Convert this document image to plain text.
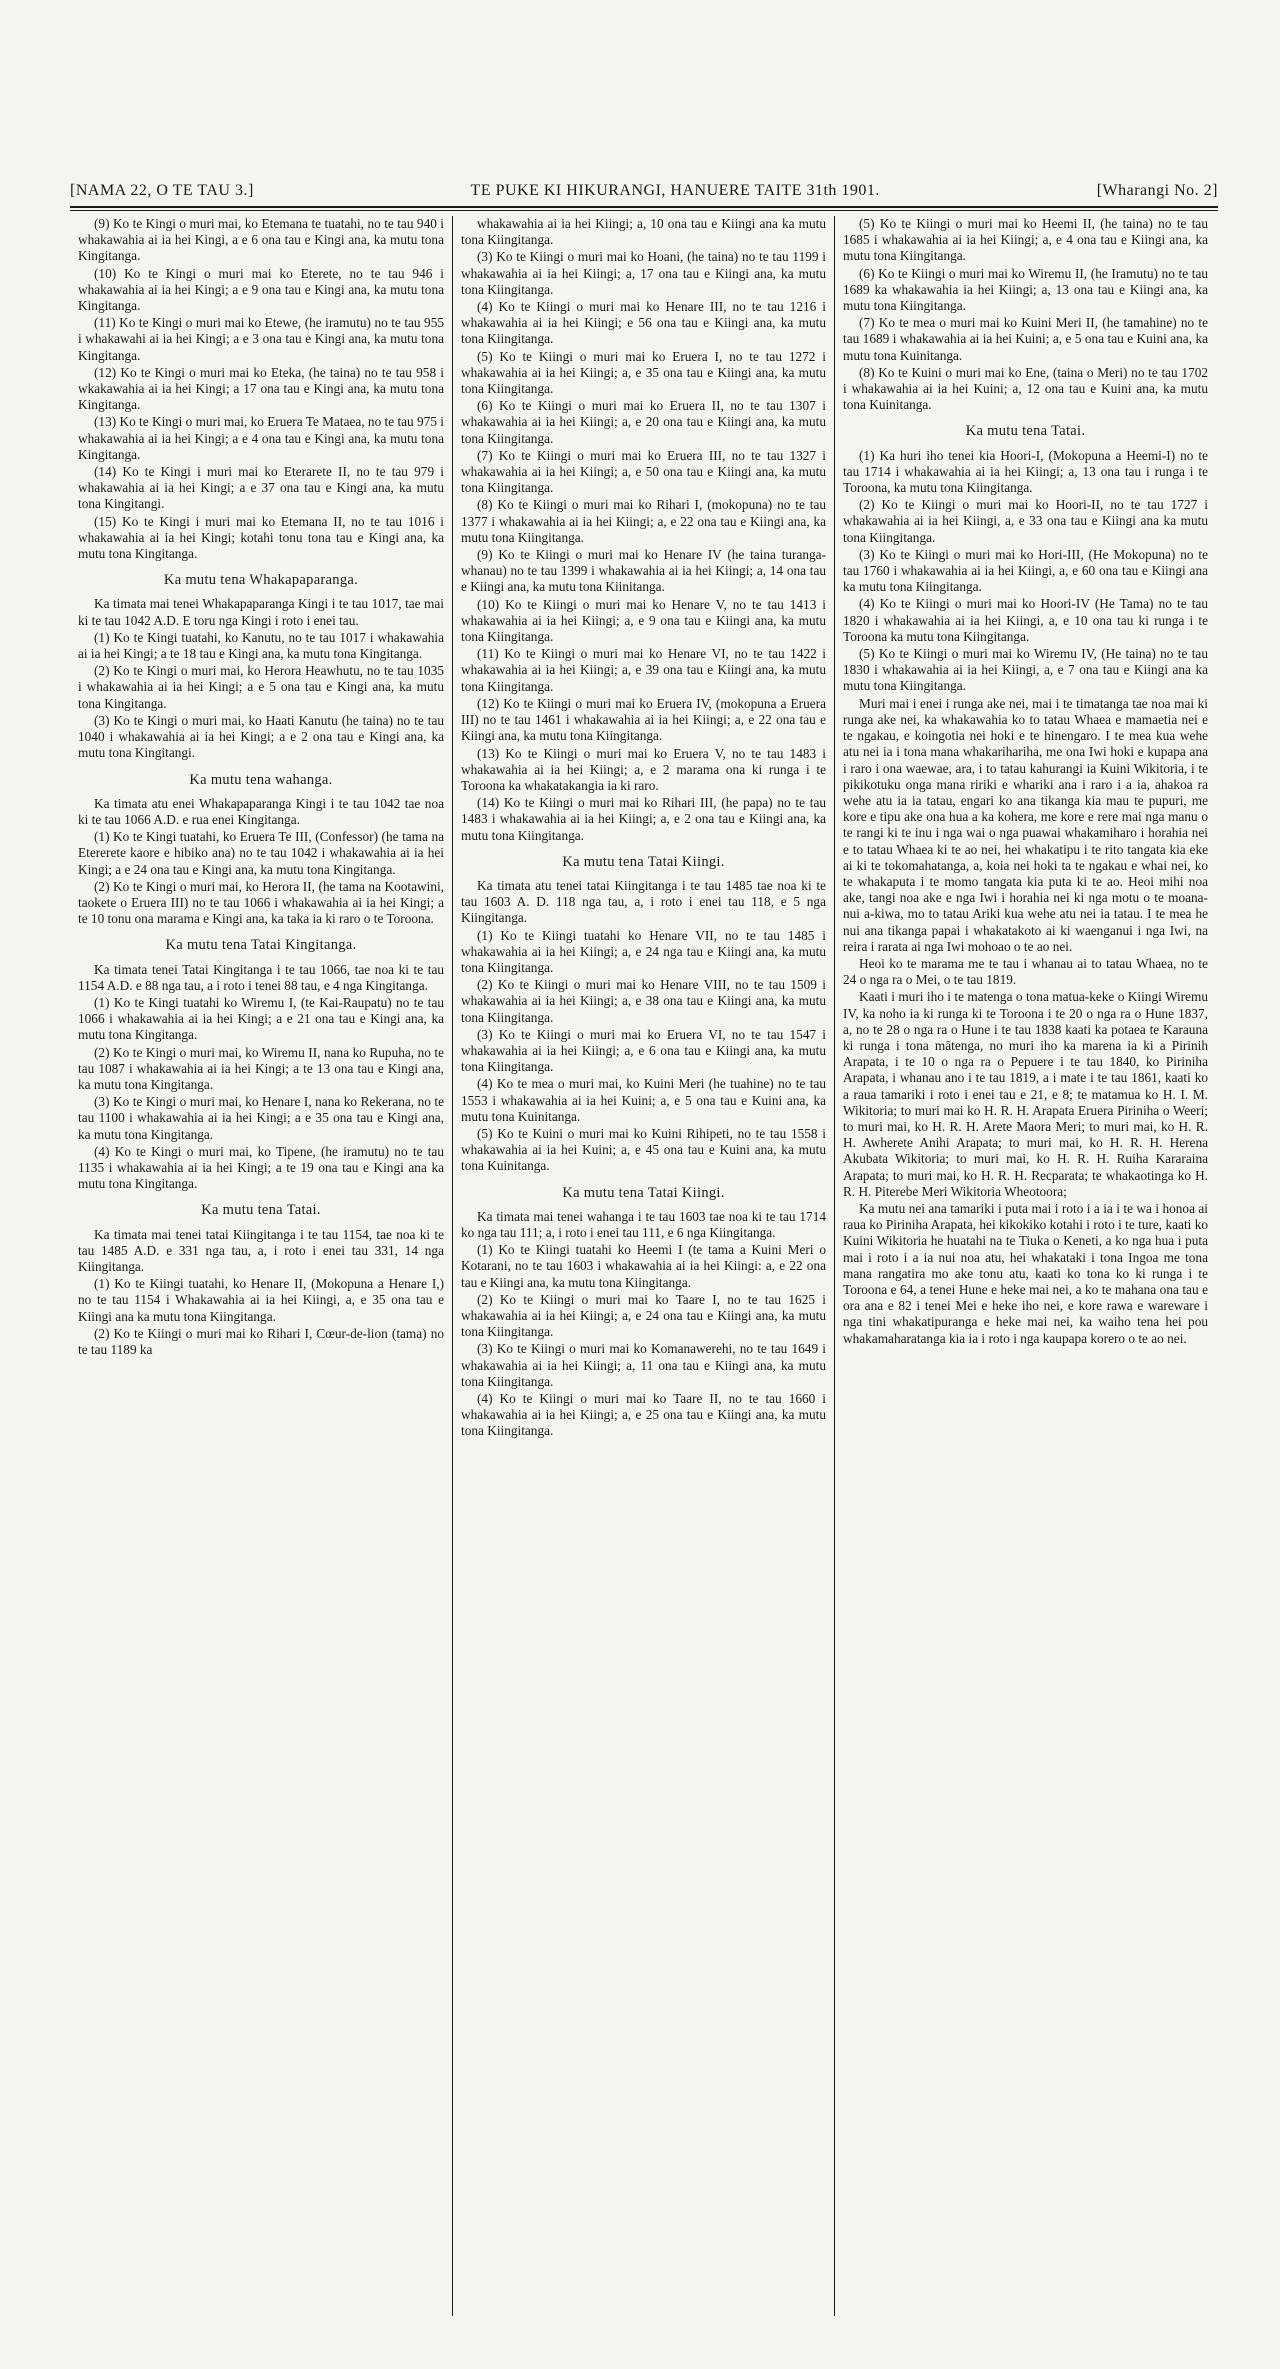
[NAMA 22, O TE TAU 3.]	TE PUKE KI HIKURANGI, HANUERE TAITE 31th 1901.	[Wharangi No. 2]

(9) Ko te Kingi o muri mai, ko Etemana te tuatahi, no te tau 940 i whakawahia ai ia hei Kingi, a e 6 ona tau e Kingi ana, ka mutu tona Kingitanga.

(10) Ko te Kingi o muri mai ko Eterete, no te tau 946 i whakawahia ai ia hei Kingi; a e 9 ona tau e Kingi ana, ka mutu tona Kingitanga.

(11) Ko te Kingi o muri mai ko Etewe, (he iramutu) no te tau 955 i whakawahi ai ia hei Kingi; a e 3 ona tau e Kingi ana, ka mutu tona Kingitanga.

(12) Ko te Kingi o muri mai ko Eteka, (he taina) no te tau 958 i wkakawahia ai ia hei Kingi; a 17 ona tau e Kingi ana, ka mutu tona Kingitanga.

(13) Ko te Kingi o muri mai, ko Eruera Te Mataea, no te tau 975 i whakawahia ai ia hei Kingi; a e 4 ona tau e Kingi ana, ka mutu tona Kingitanga.

(14) Ko te Kingi i muri mai ko Eterarete II, no te tau 979 i whakawahia ai ia hei Kingi; a e 37 ona tau e Kingi ana, ka mutu tona Kingitangi.

(15) Ko te Kingi i muri mai ko Etemana II, no te tau 1016 i whakawahia ai ia hei Kingi; kotahi tonu tona tau e Kingi ana, ka mutu tona Kingitanga.

Ka mutu tena Whakapaparanga.

Ka timata mai tenei Whakapaparanga Kingi i te tau 1017, tae mai ki te tau 1042 A.D. E toru nga Kingi i roto i enei tau.

(1) Ko te Kingi tuatahi, ko Kanutu, no te tau 1017 i whakawahia ai ia hei Kingi; a te 18 tau e Kingi ana, ka mutu tona Kingitanga.

(2) Ko te Kingi o muri mai, ko Herora Heawhutu, no te tau 1035 i whakawahia ai ia hei Kingi; a e 5 ona tau e Kingi ana, ka mutu tona Kingitanga.

(3) Ko te Kingi o muri mai, ko Haati Kanutu (he taina) no te tau 1040 i whakawahia ai ia hei Kingi; a e 2 ona tau e Kingi ana, ka mutu tona Kingitangi.

Ka mutu tena wahanga.

Ka timata atu enei Whakapaparanga Kingi i te tau 1042 tae noa ki te tau 1066 A.D. e rua enei Kingitanga.

(1) Ko te Kingi tuatahi, ko Eruera Te III, (Confessor) (he tama na Etererete kaore e hibiko ana) no te tau 1042 i whakawahia ai ia hei Kingi; a e 24 ona tau e Kingi ana, ka mutu tona Kingitanga.

(2) Ko te Kingi o muri mai, ko Herora II, (he tama na Kootawini, taokete o Eruera III) no te tau 1066 i whakawahia ai ia hei Kingi; a te 10 tonu ona marama e Kingi ana, ka taka ia ki raro o te Toroona.

Ka mutu tena Tatai Kingitanga.

Ka timata tenei Tatai Kingitanga i te tau 1066, tae noa ki te tau 1154 A.D. e 88 nga tau, a i roto i tenei 88 tau, e 4 nga Kingitanga.

(1) Ko te Kingi tuatahi ko Wiremu I, (te Kai-Raupatu) no te tau 1066 i whakawahia ai ia hei Kingi; a e 21 ona tau e Kingi ana, ka mutu tona Kingitanga.

(2) Ko te Kingi o muri mai, ko Wiremu II, nana ko Rupuha, no te tau 1087 i whakawahia ai ia hei Kingi; a te 13 ona tau e Kingi ana, ka mutu tona Kingitanga.

(3) Ko te Kingi o muri mai, ko Henare I, nana ko Rekerana, no te tau 1100 i whakawahia ai ia hei Kingi; a e 35 ona tau e Kingi ana, ka mutu tona Kingitanga.

(4) Ko te Kingi o muri mai, ko Tipene, (he iramutu) no te tau 1135 i whakawahia ai ia hei Kingi; a te 19 ona tau e Kingi ana ka mutu tona Kingitanga.

Ka mutu tena Tatai.

Ka timata mai tenei tatai Kiingitanga i te tau 1154, tae noa ki te tau 1485 A.D. e 331 nga tau, a, i roto i enei tau 331, 14 nga Kiingitanga.

(1) Ko te Kiingi tuatahi, ko Henare II, (Mokopuna a Henare I,) no te tau 1154 i Whakawahia ai ia hei Kiingi, a, e 35 ona tau e Kiingi ana ka mutu tona Kiingitanga.

(2) Ko te Kiingi o muri mai ko Rihari I, Cœur-de-lion (tama) no te tau 1189 ka

whakawahia ai ia hei Kiingi; a, 10 ona tau e Kiingi ana ka mutu tona Kiingitanga.

(3) Ko te Kiingi o muri mai ko Hoani, (he taina) no te tau 1199 i whakawahia ai ia hei Kiingi; a, 17 ona tau e Kiingi ana, ka mutu tona Kiingitanga.

(4) Ko te Kiingi o muri mai ko Henare III, no te tau 1216 i whakawahia ai ia hei Kiingi; e 56 ona tau e Kiingi ana, ka mutu tona Kiingitanga.

(5) Ko te Kiingi o muri mai ko Eruera I, no te tau 1272 i whakawahia ai ia hei Kiingi; a, e 35 ona tau e Kiingi ana, ka mutu tona Kiingitanga.

(6) Ko te Kiingi o muri mai ko Eruera II, no te tau 1307 i whakawahia ai ia hei Kiingi; a, e 20 ona tau e Kiingi ana, ka mutu tona Kiingitanga.

(7) Ko te Kiingi o muri mai ko Eruera III, no te tau 1327 i whakawahia ai ia hei Kiingi; a, e 50 ona tau e Kiingi ana, ka mutu tona Kiingitanga.

(8) Ko te Kiingi o muri mai ko Rihari I, (mokopuna) no te tau 1377 i whakawahia ai ia hei Kiingi; a, e 22 ona tau e Kiingi ana, ka mutu tona Kiingitanga.

(9) Ko te Kiingi o muri mai ko Henare IV (he taina turanga-whanau) no te tau 1399 i whakawahia ai ia hei Kiingi; a, 14 ona tau e Kiingi ana, ka mutu tona Kiinitanga.

(10) Ko te Kiingi o muri mai ko Henare V, no te tau 1413 i whakawahia ai ia hei Kiingi; a, e 9 ona tau e Kiingi ana, ka mutu tona Kiingitanga.

(11) Ko te Kiingi o muri mai ko Henare VI, no te tau 1422 i whakawahia ai ia hei Kiingi; a, e 39 ona tau e Kiingi ana, ka mutu tona Kiingitanga.

(12) Ko te Kiingi o muri mai ko Eruera IV, (mokopuna a Eruera III) no te tau 1461 i whakawahia ai ia hei Kiingi; a, e 22 ona tau e Kiingi ana, ka mutu tona Kiingitanga.

(13) Ko te Kiingi o muri mai ko Eruera V, no te tau 1483 i whakawahia ai ia hei Kiingi; a, e 2 marama ona ki runga i te Toroona ka whakatakangia ia ki raro.

(14) Ko te Kiingi o muri mai ko Rihari III, (he papa) no te tau 1483 i whakawahia ai ia hei Kiingi; a, e 2 ona tau e Kiingi ana, ka mutu tona Kiingitanga.

Ka mutu tena Tatai Kiingi.

Ka timata atu tenei tatai Kiingitanga i te tau 1485 tae noa ki te tau 1603 A. D. 118 nga tau, a, i roto i enei tau 118, e 5 nga Kiingitanga.

(1) Ko te Kiingi tuatahi ko Henare VII, no te tau 1485 i whakawahia ai ia hei Kiingi; a, e 24 nga tau e Kiingi ana, ka mutu tona Kiingitanga.

(2) Ko te Kiingi o muri mai ko Henare VIII, no te tau 1509 i whakawahia ai ia hei Kiingi; a, e 38 ona tau e Kiingi ana, ka mutu tona Kiingitanga.

(3) Ko te Kiingi o muri mai ko Eruera VI, no te tau 1547 i whakawahia ai ia hei Kiingi; a, e 6 ona tau e Kiingi ana, ka mutu tona Kiingitanga.

(4) Ko te mea o muri mai, ko Kuini Meri (he tuahine) no te tau 1553 i whakawahia ai ia hei Kuini; a, e 5 ona tau e Kuini ana, ka mutu tona Kuinitanga.

(5) Ko te Kuini o muri mai ko Kuini Rihipeti, no te tau 1558 i whakawahia ai ia hei Kuini; a, e 45 ona tau e Kuini ana, ka mutu tona Kuinitanga.

Ka mutu tena Tatai Kiingi.

Ka timata mai tenei wahanga i te tau 1603 tae noa ki te tau 1714 ko nga tau 111; a, i roto i enei tau 111, e 6 nga Kiingitanga.

(1) Ko te Kiingi tuatahi ko Heemi I (te tama a Kuini Meri o Kotarani, no te tau 1603 i whakawahia ai ia hei Kiingi: a, e 22 ona tau e Kiingi ana, ka mutu tona Kiingitanga.

(2) Ko te Kiingi o muri mai ko Taare I, no te tau 1625 i whakawahia ai ia hei Kiingi; a, e 24 ona tau e Kiingi ana, ka mutu tona Kiingitanga.

(3) Ko te Kiingi o muri mai ko Komanawerehi, no te tau 1649 i whakawahia ai ia hei Kiingi; a, 11 ona tau e Kiingi ana, ka mutu tona Kiingitanga.

(4) Ko te Kiingi o muri mai ko Taare II, no te tau 1660 i whakawahia ai ia hei Kiingi; a, e 25 ona tau e Kiingi ana, ka mutu tona Kiingitanga.

(5) Ko te Kiingi o muri mai ko Heemi II, (he taina) no te tau 1685 i whakawahia ai ia hei Kiingi; a, e 4 ona tau e Kiingi ana, ka mutu tona Kiingitanga.

(6) Ko te Kiingi o muri mai ko Wiremu II, (he Iramutu) no te tau 1689 ka whakawahia ia hei Kiingi; a, 13 ona tau e Kiingi ana, ka mutu tona Kiingitanga.

(7) Ko te mea o muri mai ko Kuini Meri II, (he tamahine) no te tau 1689 i whakawahia ai ia hei Kuini; a, e 5 ona tau e Kuini ana, ka mutu tona Kuinitanga.

(8) Ko te Kuini o muri mai ko Ene, (taina o Meri) no te tau 1702 i whakawahia ai ia hei Kuini; a, 12 ona tau e Kuini ana, ka mutu tona Kuinitanga.

Ka mutu tena Tatai.

(1) Ka huri iho tenei kia Hoori-I, (Mokopuna a Heemi-I) no te tau 1714 i whakawahia ai ia hei Kiingi; a, 13 ona tau i runga i te Toroona, ka mutu tona Kiingitanga.

(2) Ko te Kiingi o muri mai ko Hoori-II, no te tau 1727 i whakawahia ai ia hei Kiingi, a, e 33 ona tau e Kiingi ana ka mutu tona Kiingitanga.

(3) Ko te Kiingi o muri mai ko Hori-III, (He Mokopuna) no te tau 1760 i whakawahia ai ia hei Kiingi, a, e 60 ona tau e Kiingi ana ka mutu tona Kiingitanga.

(4) Ko te Kiingi o muri mai ko Hoori-IV (He Tama) no te tau 1820 i whakawahia ai ia hei Kiingi, a, e 10 ona tau ki runga i te Toroona ka mutu tona Kiingitanga.

(5) Ko te Kiingi o muri mai ko Wiremu IV, (He taina) no te tau 1830 i whakawahia ai ia hei Kiingi, a, e 7 ona tau e Kiingi ana ka mutu tona Kiingitanga.

Muri mai i enei i runga ake nei, mai i te timatanga tae noa mai ki runga ake nei, ka whakawahia ko to tatau Whaea e mamaetia nei e te ngakau, e koingotia nei hoki e te hinengaro. I te mea kua wehe atu nei ia i tona mana whakarihariha, me ona Iwi hoki e kupapa ana i raro i ona waewae, ara, i to tatau kahurangi ia Kuini Wikitoria, i te pikikotuku onga mana ririki e whariki ana i raro i a ia, ahakoa ra wehe atu ia ia tatau, engari ko ana tikanga kia mau te pupuri, me kore e tipu ake ona hua a ka kohera, me kore e rere mai nga manu o te rangi ki te inu i nga wai o nga puawai whakamiharo i horahia nei e to tatau Whaea ki te ao nei, hei whakatipu i te rito tangata kia eke ai ki te tokomahatanga, a, koia nei hoki ta te ngakau e whai nei, ko te whakaputa i te momo tangata kia puta ki te ao. Heoi mihi noa ake, tangi noa ake e nga Iwi i horahia nei ki nga motu o te moana-nui a-kiwa, mo to tatau Ariki kua wehe atu nei ia tatau. I te mea he nui ana tikanga papai i whakatakoto ai ki waenganui i nga Iwi, na reira i rarata ai nga Iwi mohoao o te ao nei.

Heoi ko te marama me te tau i whanau ai to tatau Whaea, no te 24 o nga ra o Mei, o te tau 1819.

Kaati i muri iho i te matenga o tona matua-keke o Kiingi Wiremu IV, ka noho ia ki runga ki te Toroona i te 20 o nga ra o Hune 1837, a, no te 28 o nga ra o Hune i te tau 1838 kaati ka potaea te Karauna ki runga i tona mātenga, no muri iho ka marena ia ki a Pirinih Arapata, i te 10 o nga ra o Pepuere i te tau 1840, ko Piriniha Arapata, i whanau ano i te tau 1819, a i mate i te tau 1861, kaati ko a raua tamariki i roto i enei tau e 21, e 8; te matamua ko H. I. M. Wikitoria; to muri mai ko H. R. H. Arapata Eruera Piriniha o Weeri; to muri mai, ko H. R. H. Arete Maora Meri; to muri mai, ko H. R. H. Awherete Anihi Arapata; to muri mai, ko H. R. H. Herena Akubata Wikitoria; to muri mai, ko H. R. H. Ruiha Kararaina Arapata; to muri mai, ko H. R. H. Recparata; te whakaotinga ko H. R. H. Piterebe Meri Wikitoria Wheotoora;

Ka mutu nei ana tamariki i puta mai i roto i a ia i te wa i honoa ai raua ko Piriniha Arapata, hei kikokiko kotahi i roto i te ture, kaati ko Kuini Wikitoria he huatahi na te Tiuka o Keneti, a ko nga hua i puta mai i roto i a ia nui noa atu, hei whakataki i tona Ingoa me tona mana rangatira mo ake tonu atu, kaati ko tona ko ki runga i te Toroona e 64, a tenei Hune e heke mai nei, a ko te mahana ona tau e ora ana e 82 i tenei Mei e heke iho nei, e kore rawa e wareware i nga tini whakatipuranga e heke mai nei, ka waiho tena hei pou whakamaharatanga kia ia i roto i nga kaupapa korero o te ao nei.
